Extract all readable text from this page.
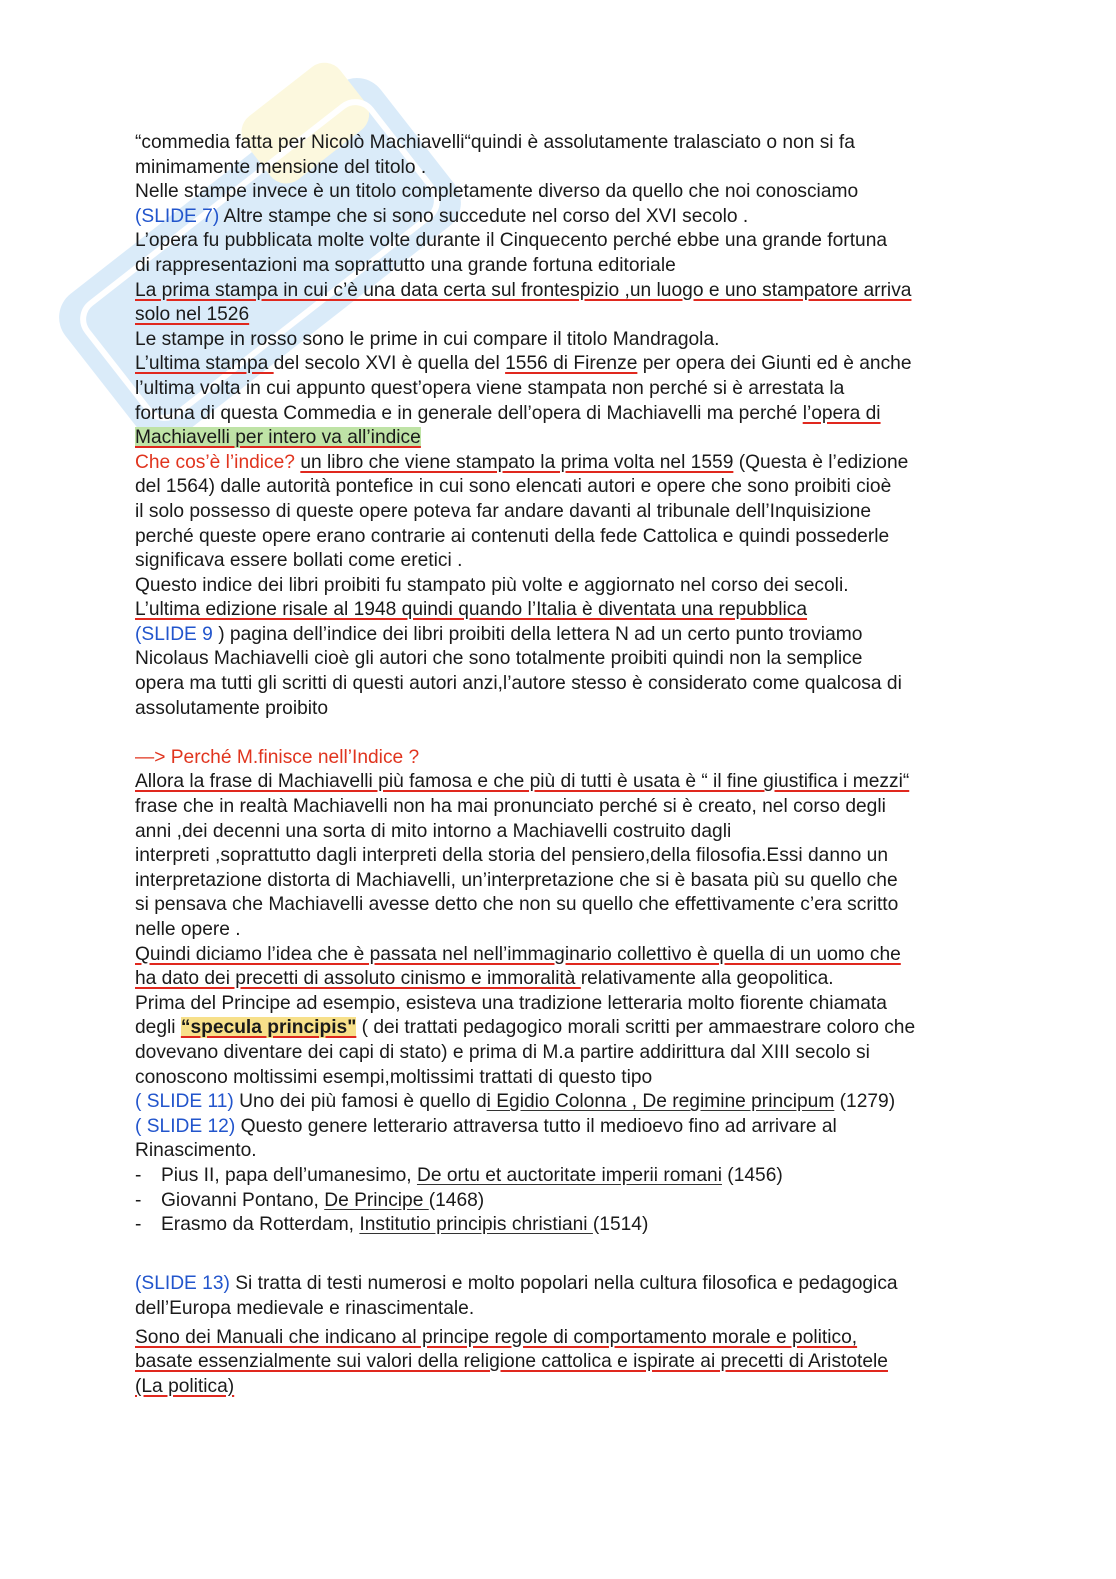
“commedia fatta per Nicolò Machiavelli“quindi è assolutamente tralasciato o non si fa
minimamente mensione del titolo .

Nelle stampe invece è un titolo completamente diverso da quello che noi conosciamo

(SLIDE 7) Altre stampe che si sono succedute nel corso del XVI secolo .

L’opera fu pubblicata molte volte durante il Cinquecento perché ebbe una grande fortuna
di rappresentazioni ma soprattutto una grande fortuna editoriale

La prima stampa in cui c’è una data certa sul frontespizio ,un luogo e uno stampatore arriva
solo nel 1526

Le stampe in rosso sono le prime in cui compare il titolo Mandragola.

L’ultima stampa del secolo XVI è quella del 1556 di Firenze per opera dei Giunti ed è anche
l’ultima volta in cui appunto quest’opera viene stampata non perché si è arrestata la
fortuna di questa Commedia e in generale dell’opera di Machiavelli ma perché l’opera di
Machiavelli per intero va all’indice

Che cos’è l’indice? un libro che viene stampato la prima volta nel 1559 (Questa è l’edizione
del 1564) dalle autorità pontefice in cui sono elencati autori e opere che sono proibiti cioè
il solo possesso di queste opere poteva far andare davanti al tribunale dell’Inquisizione
perché queste opere erano contrarie ai contenuti della fede Cattolica e quindi possederle
significava essere bollati come eretici .

Questo indice dei libri proibiti fu stampato più volte e aggiornato nel corso dei secoli.

L’ultima edizione risale al 1948 quindi quando l’Italia è diventata una repubblica

(SLIDE 9 ) pagina dell’indice dei libri proibiti della lettera N ad un certo punto troviamo
Nicolaus Machiavelli cioè gli autori che sono totalmente proibiti quindi non la semplice
opera ma tutti gli scritti di questi autori anzi,l’autore stesso è considerato come qualcosa di
assolutamente proibito

—> Perché M.finisce nell’Indice ?

Allora la frase di Machiavelli più famosa e che più di tutti è usata è “ il fine giustifica i mezzi“
frase che in realtà Machiavelli non ha mai pronunciato perché si è creato, nel corso degli
anni ,dei decenni una sorta di mito intorno a Machiavelli costruito dagli
interpreti ,soprattutto dagli interpreti della storia del pensiero,della filosofia.Essi danno un
interpretazione distorta di Machiavelli, un’interpretazione che si è basata più su quello che
si pensava che Machiavelli avesse detto che non su quello che effettivamente c’era scritto
nelle opere .

Quindi diciamo l’idea che è passata nel nell’immaginario collettivo è quella di un uomo che
ha dato dei precetti di assoluto cinismo e immoralità relativamente alla geopolitica.

Prima del Principe ad esempio, esisteva una tradizione letteraria molto fiorente chiamata
degli “specula principis" ( dei trattati pedagogico morali scritti per ammaestrare coloro che
dovevano diventare dei capi di stato) e prima di M.a partire addirittura dal XIII secolo si
conoscono moltissimi esempi,moltissimi trattati di questo tipo

( SLIDE 11) Uno dei più famosi è quello di Egidio Colonna , De regimine principum (1279)

( SLIDE 12) Questo genere letterario attraversa tutto il medioevo fino ad arrivare al
Rinascimento.

- Pius II, papa dell’umanesimo, De ortu et auctoritate imperii romani (1456)
- Giovanni Pontano, De Principe (1468)
- Erasmo da Rotterdam, Institutio principis christiani (1514)

(SLIDE 13) Si tratta di testi numerosi e molto popolari nella cultura filosofica e pedagogica
dell’Europa medievale e rinascimentale.

Sono dei Manuali che indicano al principe regole di comportamento morale e politico,
basate essenzialmente sui valori della religione cattolica e ispirate ai precetti di Aristotele
(La politica)
